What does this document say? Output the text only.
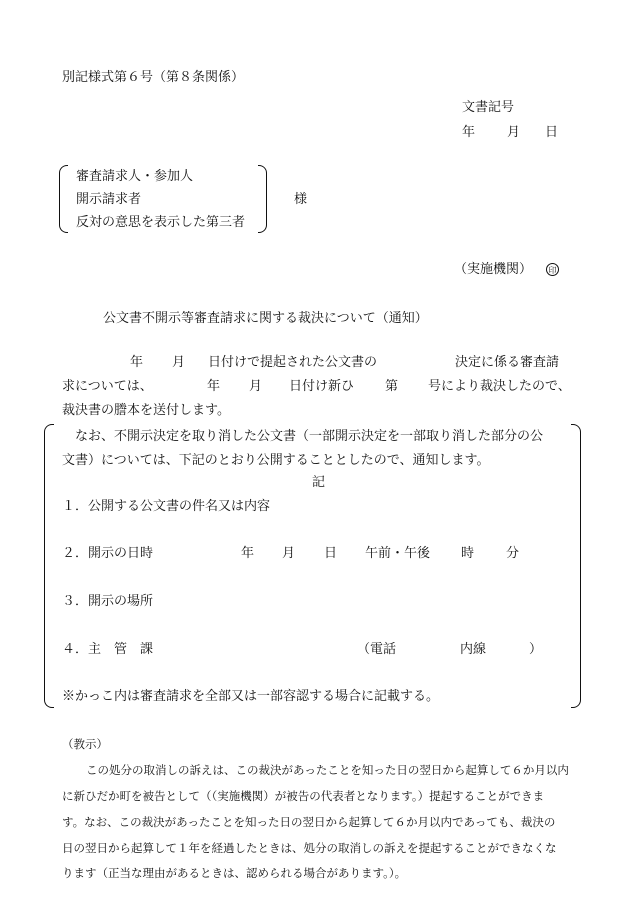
別記様式第６号（第８条関係）
文書記号
年 月 日
審査請求人・参加人
開示請求者
反対の意思を表示した第三者
様
（実施機関）	印
公文書不開示等審査請求に関する裁決について（通知）
年 月 日付けで提起された公文書の	決定に係る審査請
求については、	年 月 日付け新ひ 第 号により裁決したので、
裁決書の謄本を送付します。
なお、不開示決定を取り消した公文書（一部開示決定を一部取り消した部分の公
文書）については、下記のとおり公開することとしたので、通知します。
記
１．公開する公文書の件名又は内容
２．開示の日時	年 月 日 午前・午後 時 分
３．開示の場所
４．主　管　課	（電話	内線	）
※かっこ内は審査請求を全部又は一部容認する場合に記載する。
（教示）
この処分の取消しの訴えは、この裁決があったことを知った日の翌日から起算して６か月以内
に新ひだか町を被告として（（実施機関）が被告の代表者となります。）提起することができま
す。なお、この裁決があったことを知った日の翌日から起算して６か月以内であっても、裁決の
日の翌日から起算して１年を経過したときは、処分の取消しの訴えを提起することができなくな
ります（正当な理由があるときは、認められる場合があります。）。
